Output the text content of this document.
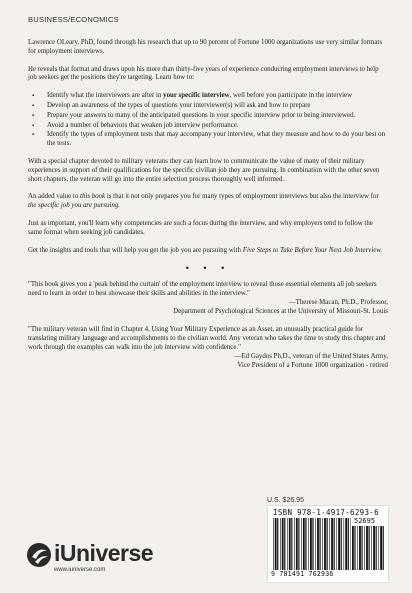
BUSINESS/ECONOMICS

Lawrence OLeary, PhD, found through his research that up to 90 percent of Fortune 1000 organizations use very similar formats for employment interviews.

He reveals that format and draws upon his more than thirty-five years of experience conducting employment interviews to help job seekers get the positions they're targeting. Learn how to:

▪ Identify what the interviewers are after in your specific interview, well before you participate in the interview
▪ Develop an awareness of the types of questions your interviewer(s) will ask and how to prepare
▪ Prepare your answers to many of the anticipated questions in your specific interview prior to being interviewed.
▪ Avoid a number of behaviors that weaken job interview performance.
▪ Identify the types of employment tests that may accompany your interview, what they measure and how to do your best on the tests.

With a special chapter devoted to military veterans they can learn how to communicate the value of many of their military experiences in support of their qualifications for the specific civilian job they are pursuing. In combination with the other seven short chapters, the veteran will go into the entire selection process thoroughly well informed.

An added value to this book is that it not only prepares you for many types of employment interviews but also the interview for the specific job you are pursuing.

Just as important, you'll learn why competencies are such a focus during the interview, and why employers tend to follow the same format when seeking job candidates.

Get the insights and tools that will help you get the job you are pursuing with Five Steps to Take Before Your Next Job Interview.

• • •
"This book gives you a 'peak behind the curtain' of the employment interview to reveal those essential elements all job seekers need to learn in order to best showcase their skills and abilities in the interview."
—Therese Macan, Ph.D., Professor,
Department of Psychological Sciences at the University of Missouri-St. Louis
"The military veteran will find in Chapter 4, Using Your Military Experience as an Asset, an unusually practical guide for translating military language and accomplishments to the civilian world. Any veteran who takes the time to study this chapter and work through the examples can walk into the job interview with confidence."
—Ed Gaydos Ph.D., veteran of the United States Army,
Vice President of a Fortune 1000 organization - retired
U.S. $26.95
ISBN 978-1-4917-6293-6
52695
9 781491 762936
iUniverse
www.iuniverse.com
